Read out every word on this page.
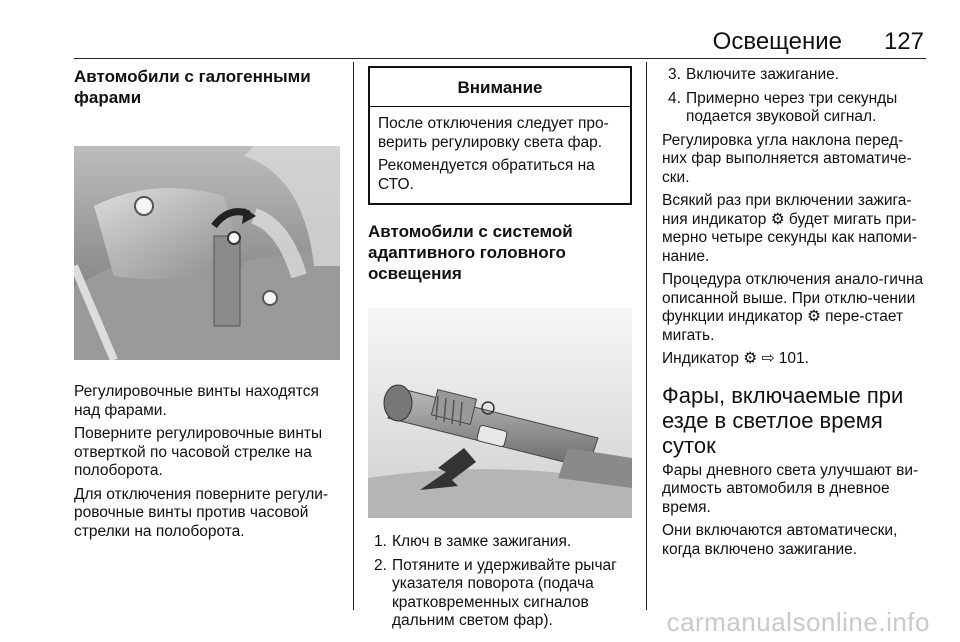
Освещение 127
Автомобили с галогенными фарами

Регулировочные винты находятся над фарами.

Поверните регулировочные винты отверткой по часовой стрелке на полоборота.

Для отключения поверните регули‐ровочные винты против часовой стрелки на полоборота.

Внимание

После отключения следует про‐верить регулировку света фар.

Рекомендуется обратиться на СТО.

Автомобили с системой адаптивного головного освещения
1. Ключ в замке зажигания.
2. Потяните и удерживайте рычаг указателя поворота (подача кратковременных сигналов дальним светом фар).
3. Включите зажигание.
4. Примерно через три секунды подается звуковой сигнал.

Регулировка угла наклона перед‐них фар выполняется автоматиче‐ски.

Всякий раз при включении зажига‐ния индикатор ⚙ будет мигать при‐мерно четыре секунды как напоми‐нание.

Процедура отключения анало‐гична описанной выше. При отклю‐чении функции индикатор ⚙ пере‐стает мигать.

Индикатор ⚙ ⇨ 101.

Фары, включаемые при езде в светлое время суток

Фары дневного света улучшают ви‐димость автомобиля в дневное время.

Они включаются автоматически, когда включено зажигание.

carmanualsonline.info
